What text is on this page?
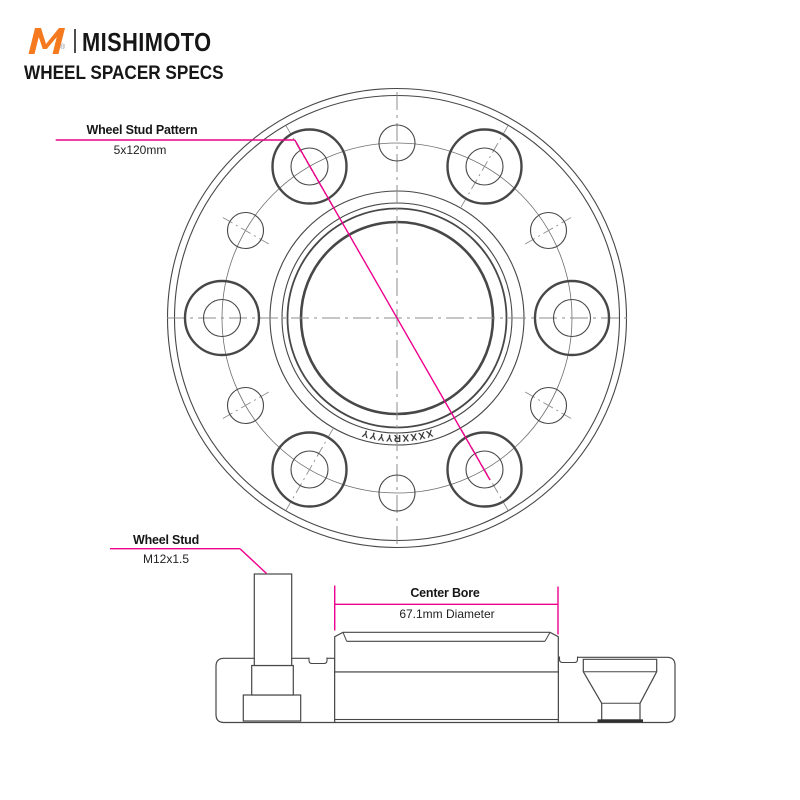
® MISHIMOTO
WHEEL SPACER SPECS
XXXXRYYYY
Wheel Stud Pattern
5x120mm
Wheel Stud
M12x1.5
Center Bore
67.1mm Diameter
